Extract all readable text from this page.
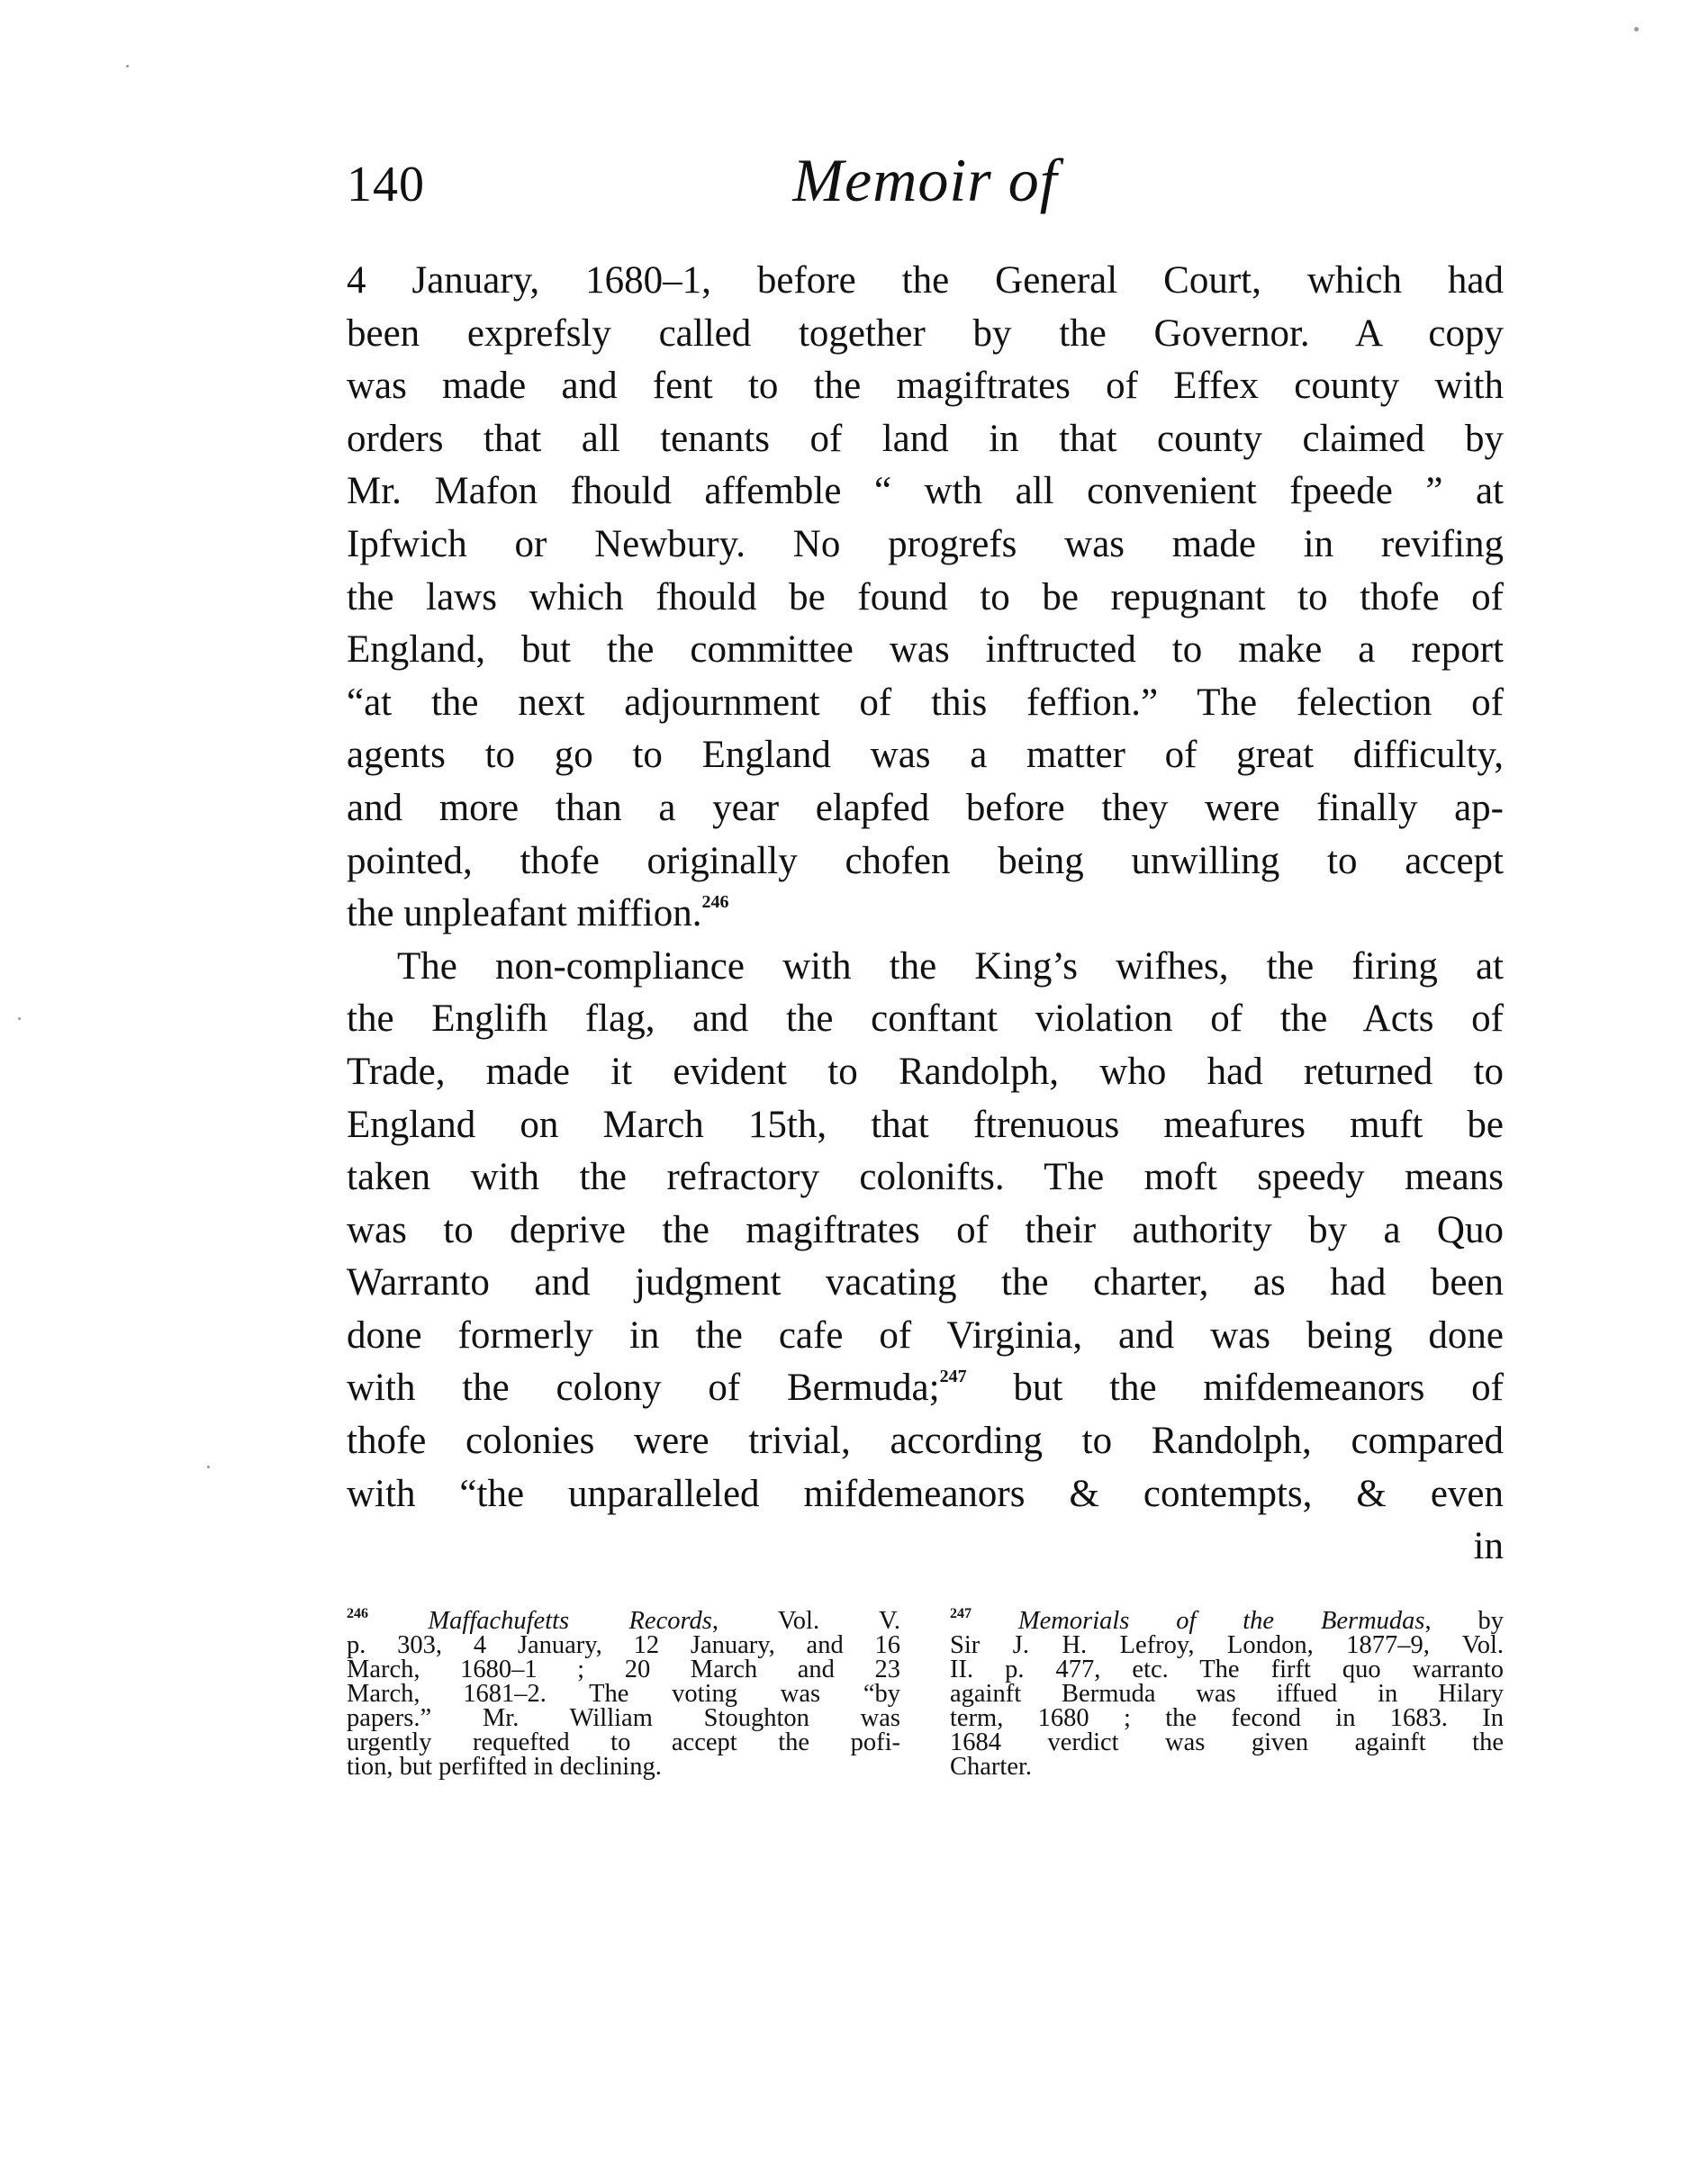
140	Memoir of
4 January, 1680–1, before the General Court, which had
been exprefsly called together by the Governor. A copy
was made and fent to the magiftrates of Effex county with
orders that all tenants of land in that county claimed by
Mr. Mafon fhould affemble “ wth all convenient fpeede ” at
Ipfwich or Newbury. No progrefs was made in revifing
the laws which fhould be found to be repugnant to thofe of
England, but the committee was inftructed to make a report
“at the next adjournment of this feffion.” The felection of
agents to go to England was a matter of great difficulty,
and more than a year elapfed before they were finally ap-
pointed, thofe originally chofen being unwilling to accept
the unpleafant miffion.$^{246}$
The non-compliance with the King’s wifhes, the firing at
the Englifh flag, and the conftant violation of the Acts of
Trade, made it evident to Randolph, who had returned to
England on March 15th, that ftrenuous meafures muft be
taken with the refractory colonifts. The moft speedy means
was to deprive the magiftrates of their authority by a Quo
Warranto and judgment vacating the charter, as had been
done formerly in the cafe of Virginia, and was being done
with the colony of Bermuda;$^{247}$ but the mifdemeanors of
thofe colonies were trivial, according to Randolph, compared
with “the unparalleled mifdemeanors & contempts, & even
in
$^{246}$ Maffachufetts Records, Vol. V.
p. 303, 4 January, 12 January, and 16
March, 1680–1 ; 20 March and 23
March, 1681–2. The voting was “by
papers.” Mr. William Stoughton was
urgently requefted to accept the pofi-
tion, but perfifted in declining.
$^{247}$ Memorials of the Bermudas, by
Sir J. H. Lefroy, London, 1877–9, Vol.
II. p. 477, etc. The firft quo warranto
againft Bermuda was iffued in Hilary
term, 1680 ; the fecond in 1683. In
1684 verdict was given againft the
Charter.
